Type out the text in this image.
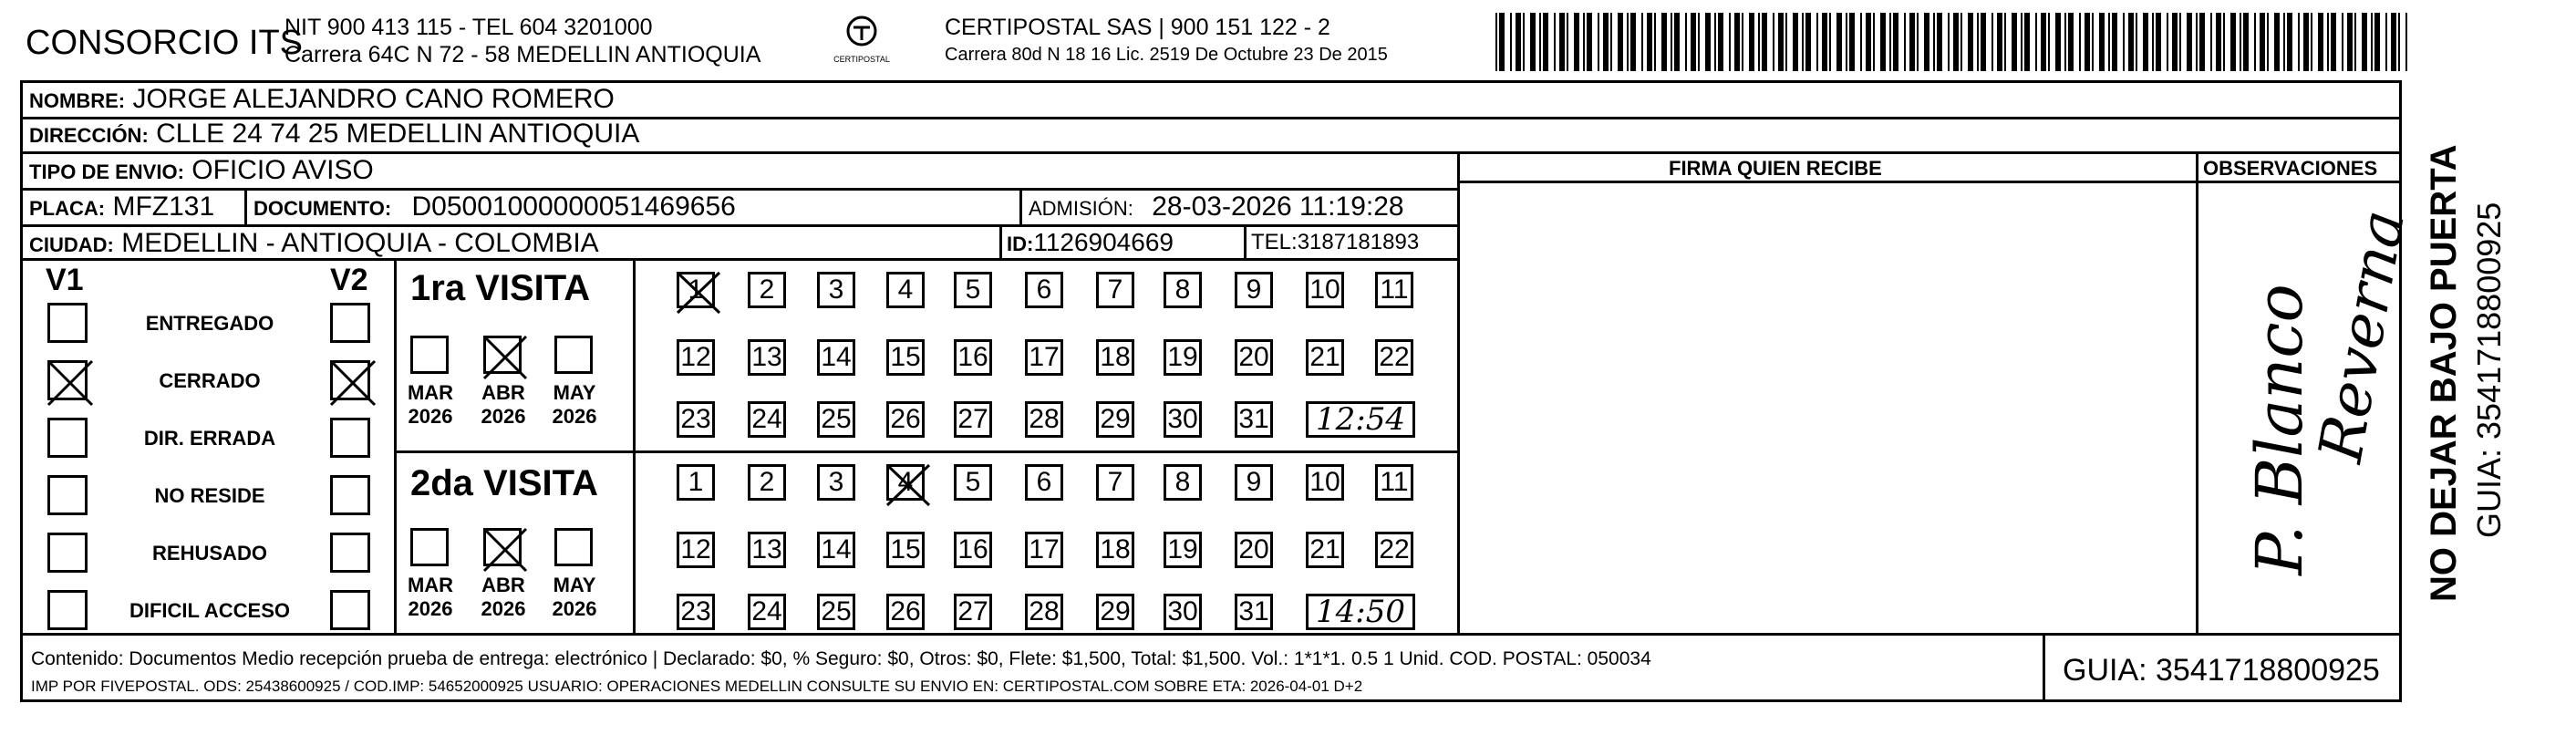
CONSORCIO ITS
NIT 900 413 115 - TEL 604 3201000
Carrera 64C N 72 - 58 MEDELLIN ANTIOQUIA	CERTIPOSTAL
CERTIPOSTAL SAS | 900 151 122 - 2
Carrera 80d N 18 16 Lic. 2519 De Octubre 23 De 2015
NOMBRE: JORGE ALEJANDRO CANO ROMERO
DIRECCIÓN: CLLE 24 74 25 MEDELLIN ANTIOQUIA
TIPO DE ENVIO: OFICIO AVISO
PLACA: MFZ131 DOCUMENTO: D05001000000051469656	ADMISIÓN: 28-03-2026 11:19:28
CIUDAD: MEDELLIN - ANTIOQUIA - COLOMBIA	ID:1126904669	TEL:3187181893
FIRMA QUIEN RECIBE	OBSERVACIONES
P. Blanco
Reverna
V1	V2
ENTREGADO
CERRADO
DIR. ERRADA
NO RESIDE
REHUSADO
DIFICIL ACCESO
1ra VISITA
2da VISITA
MAR
2026
ABR
2026
MAY
2026
1	2	3	4	5	6	7	8	9	10 11
12 13 14 15 16 17 18 19 20 21 22
23 24 25 26 27 28 29 30 31 12:54
MAR
2026
ABR
2026
MAY
2026
1	2	3	4	5	6	7	8	9	10 11
12 13 14 15 16 17 18 19 20 21 22
23 24 25 26 27 28 29 30 31 14:50
Contenido: Documentos Medio recepción prueba de entrega: electrónico | Declarado: $0, % Seguro: $0, Otros: $0, Flete: $1,500, Total: $1,500. Vol.: 1*1*1. 0.5 1 Unid. COD. POSTAL: 050034
IMP POR FIVEPOSTAL. ODS: 25438600925 / COD.IMP: 54652000925 USUARIO: OPERACIONES MEDELLIN CONSULTE SU ENVIO EN: CERTIPOSTAL.COM SOBRE ETA: 2026-04-01 D+2	GUIA: 3541718800925
NO DEJAR BAJO PUERTA GUIA: 3541718800925
